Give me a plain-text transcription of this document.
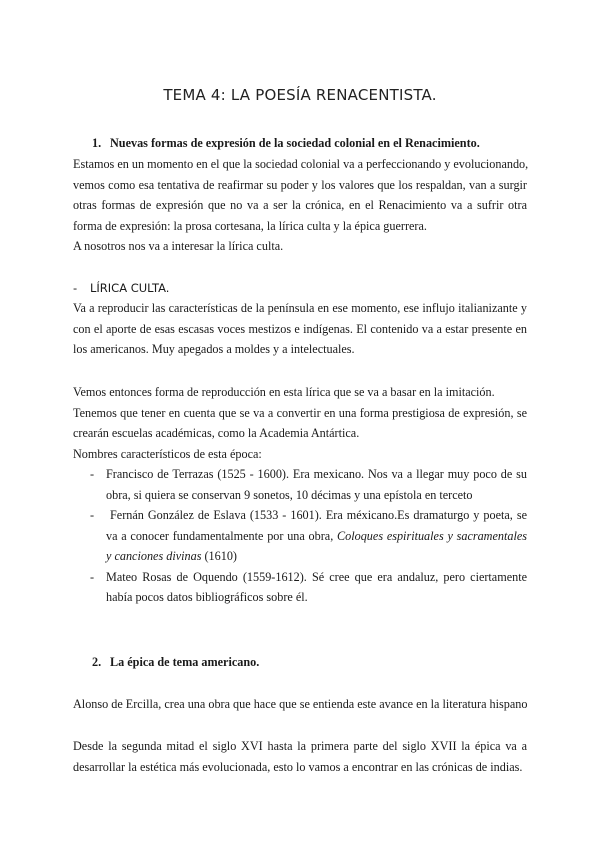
TEMA 4: LA POESÍA RENACENTISTA.
1. Nuevas formas de expresión de la sociedad colonial en el Renacimiento.
Estamos en un momento en el que la sociedad colonial va a perfeccionando y evolucionando,
vemos como esa tentativa de reafirmar su poder y los valores que los respaldan, van a surgir
otras formas de expresión que no va a ser la crónica, en el Renacimiento va a sufrir otra
forma de expresión: la prosa cortesana, la lírica culta y la épica guerrera.
A nosotros nos va a interesar la lírica culta.
- LÍRICA CULTA.
Va a reproducir las características de la península en ese momento, ese influjo italianizante y
con el aporte de esas escasas voces mestizos e indígenas. El contenido va a estar presente en
los americanos. Muy apegados a moldes y a intelectuales.
Vemos entonces forma de reproducción en esta lírica que se va a basar en la imitación.
Tenemos que tener en cuenta que se va a convertir en una forma prestigiosa de expresión, se
crearán escuelas académicas, como la Academia Antártica.
Nombres característicos de esta época:
- Francisco de Terrazas (1525 - 1600). Era mexicano. Nos va a llegar muy poco de su
obra, si quiera se conservan 9 sonetos, 10 décimas y una epístola en terceto
- Fernán González de Eslava (1533 - 1601). Era méxicano.Es dramaturgo y poeta, se
va a conocer fundamentalmente por una obra, Coloques espirituales y sacramentales
y canciones divinas (1610)
- Mateo Rosas de Oquendo (1559-1612). Sé cree que era andaluz, pero ciertamente
había pocos datos bibliográficos sobre él.
2. La épica de tema americano.
Alonso de Ercilla, crea una obra que hace que se entienda este avance en la literatura hispano
Desde la segunda mitad el siglo XVI hasta la primera parte del siglo XVII la épica va a
desarrollar la estética más evolucionada, esto lo vamos a encontrar en las crónicas de indias.
